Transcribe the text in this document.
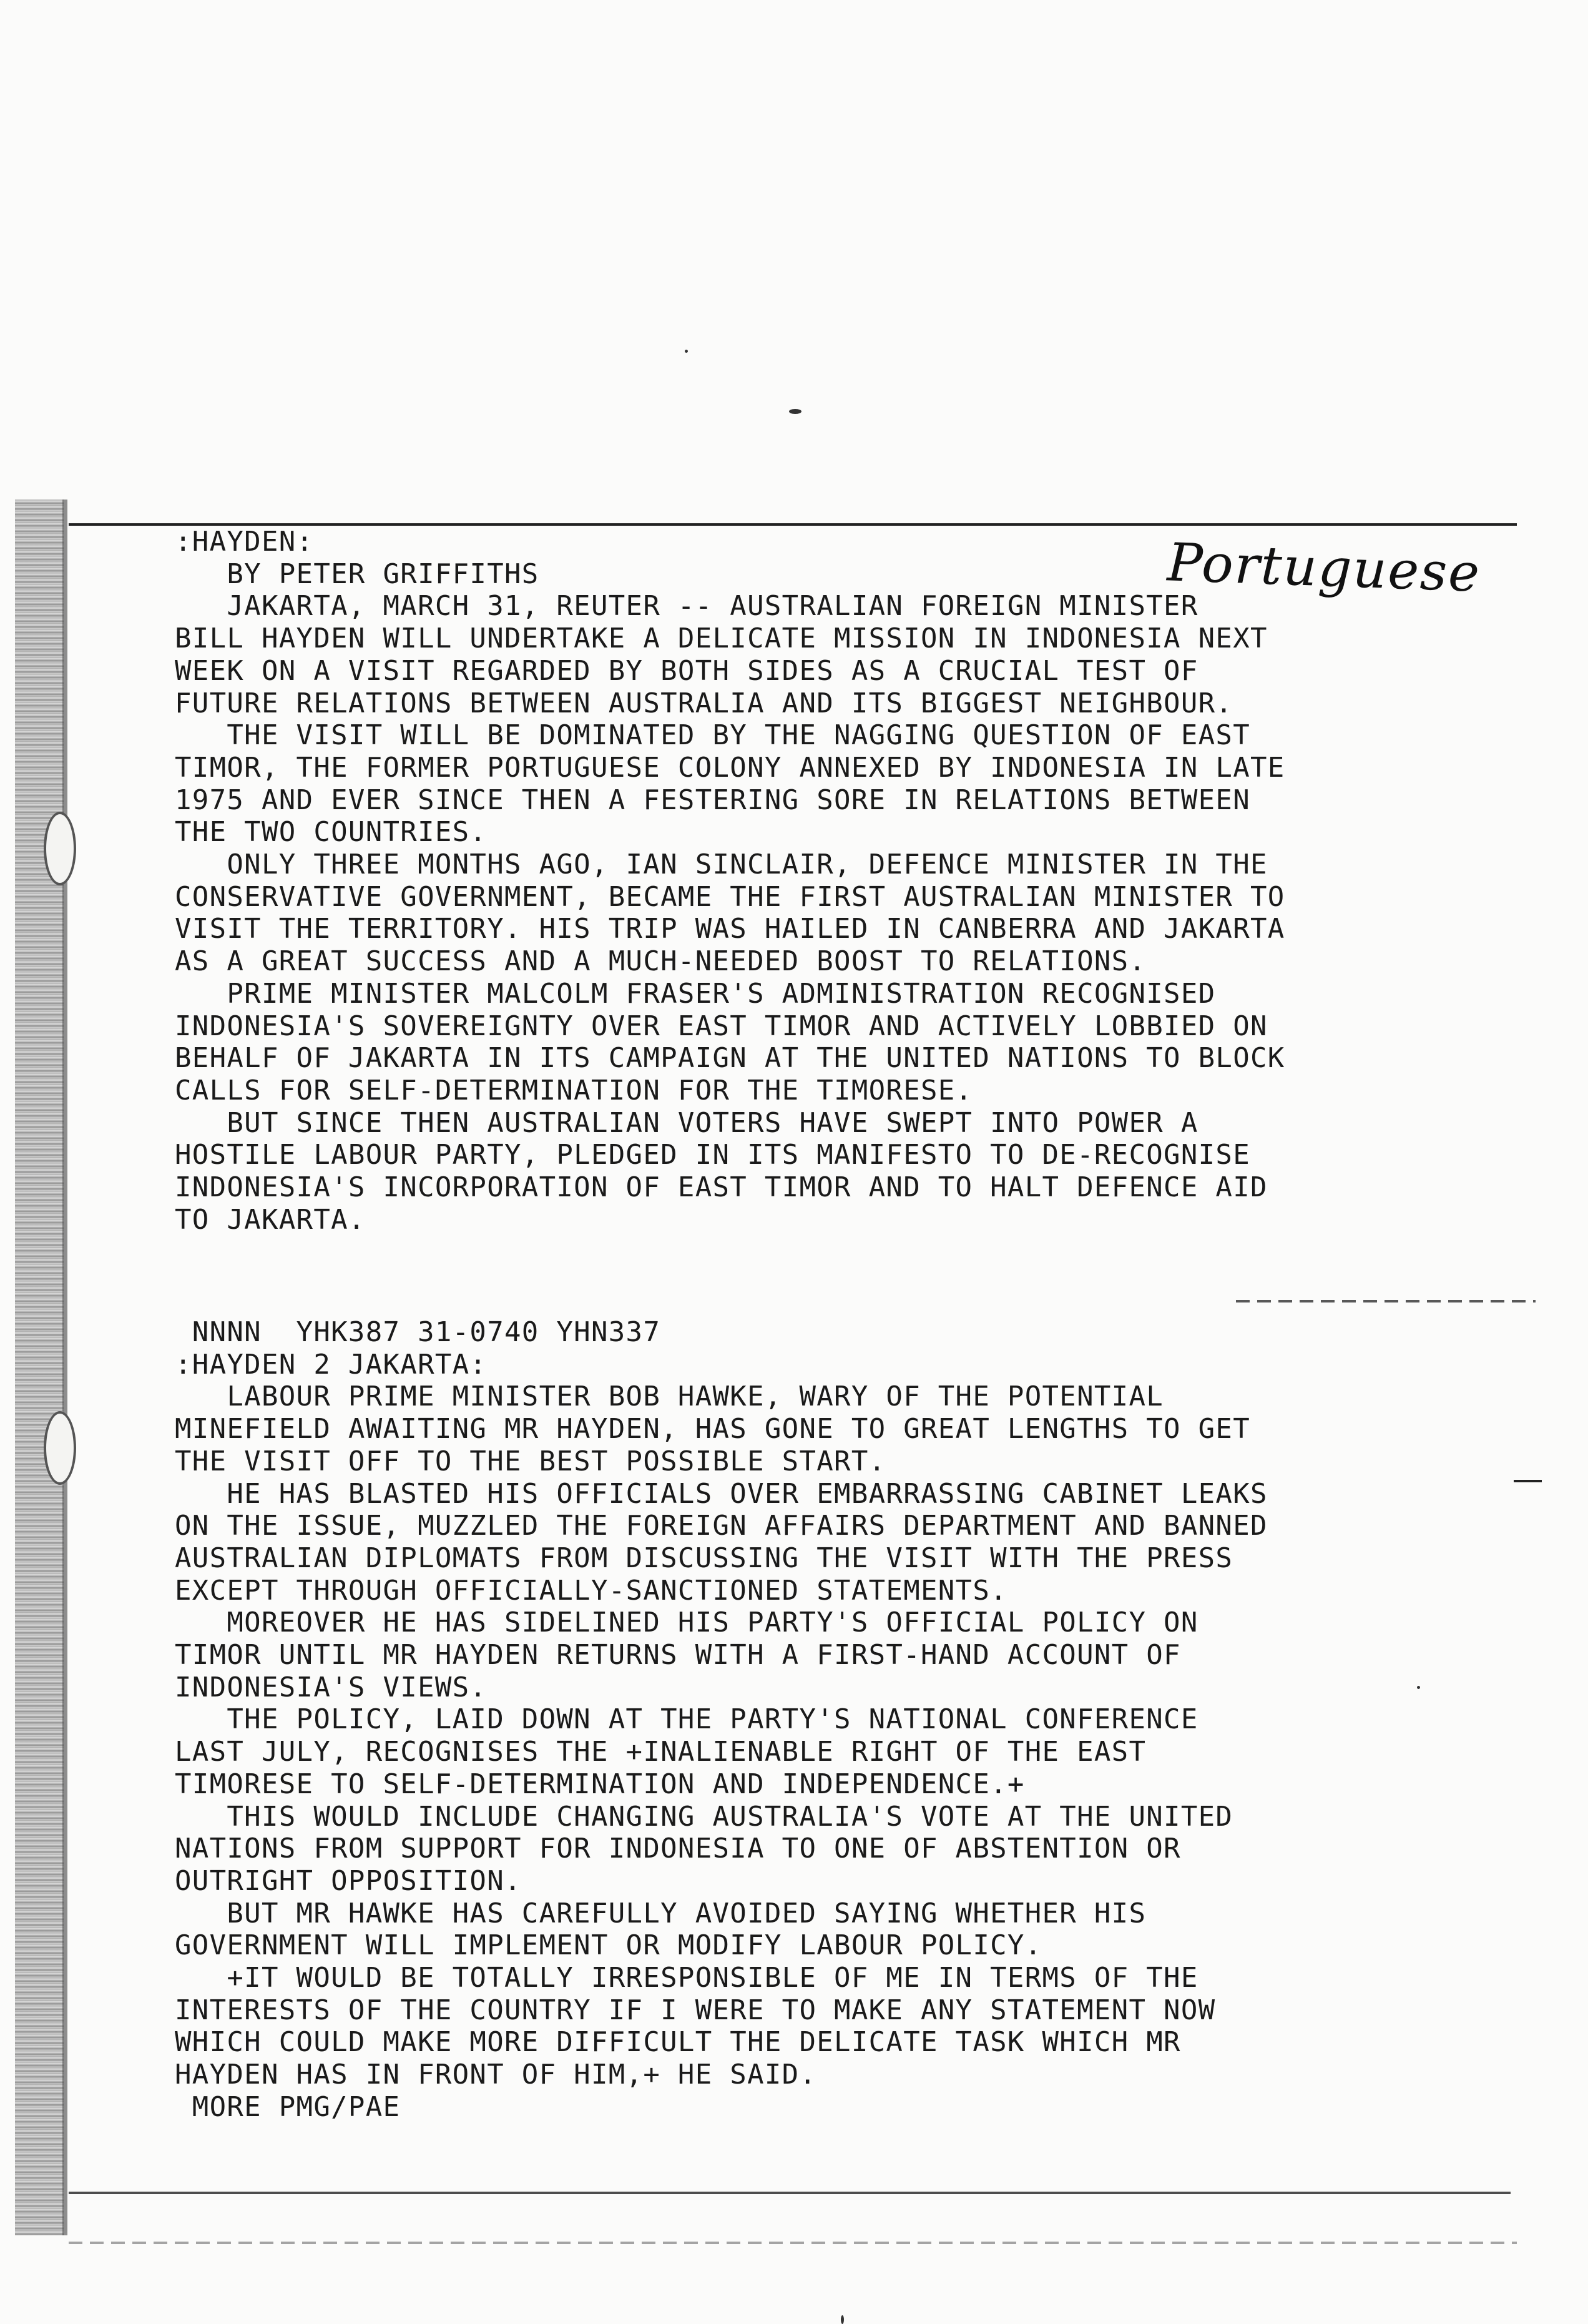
Portuguese
:HAYDEN:
BY PETER GRIFFITHS
JAKARTA, MARCH 31, REUTER -- AUSTRALIAN FOREIGN MINISTER
BILL HAYDEN WILL UNDERTAKE A DELICATE MISSION IN INDONESIA NEXT
WEEK ON A VISIT REGARDED BY BOTH SIDES AS A CRUCIAL TEST OF
FUTURE RELATIONS BETWEEN AUSTRALIA AND ITS BIGGEST NEIGHBOUR.
THE VISIT WILL BE DOMINATED BY THE NAGGING QUESTION OF EAST
TIMOR, THE FORMER PORTUGUESE COLONY ANNEXED BY INDONESIA IN LATE
1975 AND EVER SINCE THEN A FESTERING SORE IN RELATIONS BETWEEN
THE TWO COUNTRIES.
ONLY THREE MONTHS AGO, IAN SINCLAIR, DEFENCE MINISTER IN THE
CONSERVATIVE GOVERNMENT, BECAME THE FIRST AUSTRALIAN MINISTER TO
VISIT THE TERRITORY. HIS TRIP WAS HAILED IN CANBERRA AND JAKARTA
AS A GREAT SUCCESS AND A MUCH-NEEDED BOOST TO RELATIONS.
PRIME MINISTER MALCOLM FRASER'S ADMINISTRATION RECOGNISED
INDONESIA'S SOVEREIGNTY OVER EAST TIMOR AND ACTIVELY LOBBIED ON
BEHALF OF JAKARTA IN ITS CAMPAIGN AT THE UNITED NATIONS TO BLOCK
CALLS FOR SELF-DETERMINATION FOR THE TIMORESE.
BUT SINCE THEN AUSTRALIAN VOTERS HAVE SWEPT INTO POWER A
HOSTILE LABOUR PARTY, PLEDGED IN ITS MANIFESTO TO DE-RECOGNISE
INDONESIA'S INCORPORATION OF EAST TIMOR AND TO HALT DEFENCE AID
TO JAKARTA.
NNNN  YHK387 31-0740 YHN337
:HAYDEN 2 JAKARTA:
LABOUR PRIME MINISTER BOB HAWKE, WARY OF THE POTENTIAL
MINEFIELD AWAITING MR HAYDEN, HAS GONE TO GREAT LENGTHS TO GET
THE VISIT OFF TO THE BEST POSSIBLE START.
HE HAS BLASTED HIS OFFICIALS OVER EMBARRASSING CABINET LEAKS
ON THE ISSUE, MUZZLED THE FOREIGN AFFAIRS DEPARTMENT AND BANNED
AUSTRALIAN DIPLOMATS FROM DISCUSSING THE VISIT WITH THE PRESS
EXCEPT THROUGH OFFICIALLY-SANCTIONED STATEMENTS.
MOREOVER HE HAS SIDELINED HIS PARTY'S OFFICIAL POLICY ON
TIMOR UNTIL MR HAYDEN RETURNS WITH A FIRST-HAND ACCOUNT OF
INDONESIA'S VIEWS.
THE POLICY, LAID DOWN AT THE PARTY'S NATIONAL CONFERENCE
LAST JULY, RECOGNISES THE +INALIENABLE RIGHT OF THE EAST
TIMORESE TO SELF-DETERMINATION AND INDEPENDENCE.+
THIS WOULD INCLUDE CHANGING AUSTRALIA'S VOTE AT THE UNITED
NATIONS FROM SUPPORT FOR INDONESIA TO ONE OF ABSTENTION OR
OUTRIGHT OPPOSITION.
BUT MR HAWKE HAS CAREFULLY AVOIDED SAYING WHETHER HIS
GOVERNMENT WILL IMPLEMENT OR MODIFY LABOUR POLICY.
+IT WOULD BE TOTALLY IRRESPONSIBLE OF ME IN TERMS OF THE
INTERESTS OF THE COUNTRY IF I WERE TO MAKE ANY STATEMENT NOW
WHICH COULD MAKE MORE DIFFICULT THE DELICATE TASK WHICH MR
HAYDEN HAS IN FRONT OF HIM,+ HE SAID.
MORE PMG/PAE
